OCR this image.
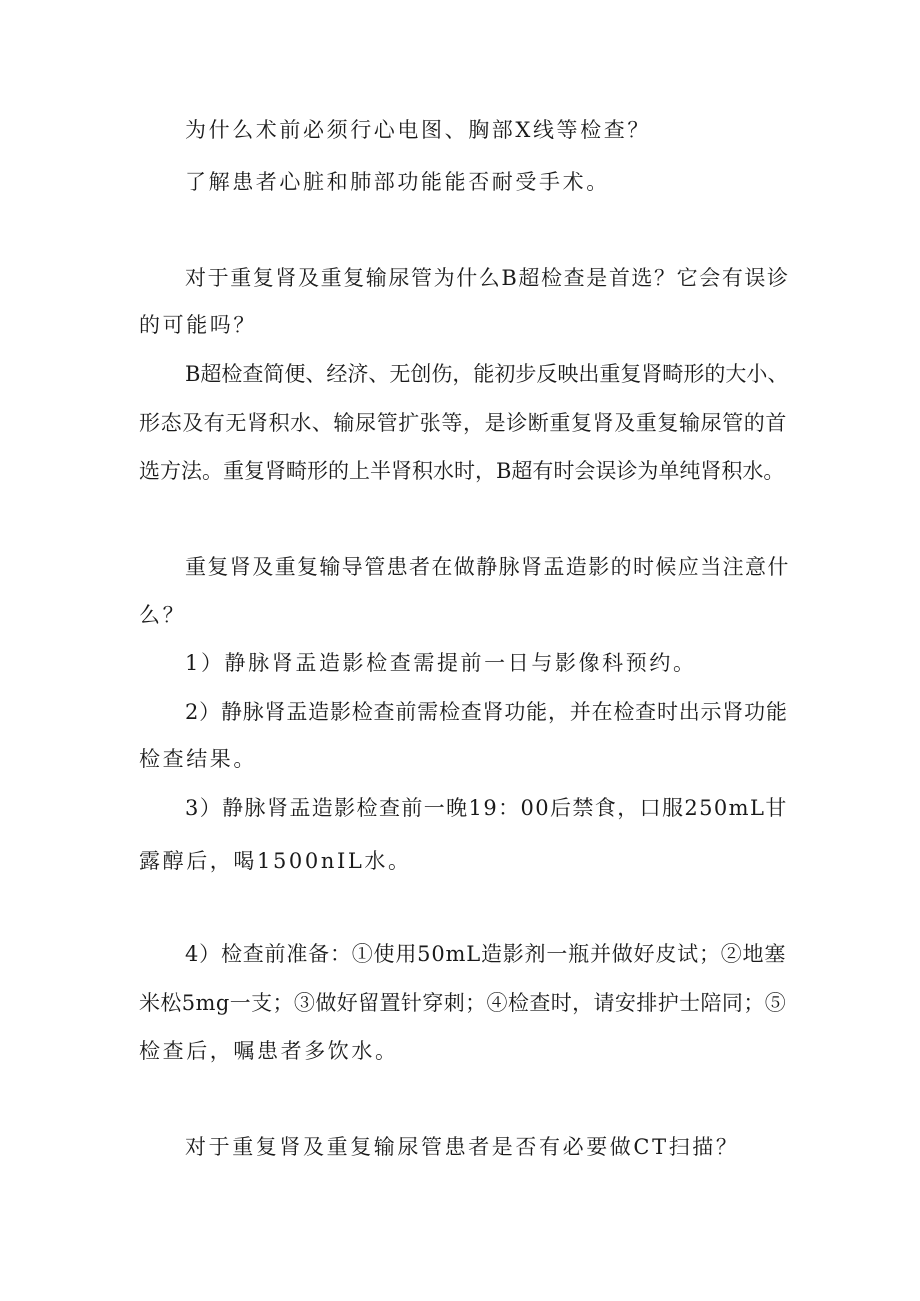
为什么术前必须行心电图、胸部X线等检查？

了解患者心脏和肺部功能能否耐受手术。

对于重复肾及重复输尿管为什么B超检查是首选？它会有误诊

的可能吗？

B超检查简便、经济、无创伤，能初步反映出重复肾畸形的大小、

形态及有无肾积水、输尿管扩张等，是诊断重复肾及重复输尿管的首

选方法。重复肾畸形的上半肾积水时，B超有时会误诊为单纯肾积水。

重复肾及重复输导管患者在做静脉肾盂造影的时候应当注意什

么？

1）静脉肾盂造影检查需提前一日与影像科预约。

2）静脉肾盂造影检查前需检查肾功能，并在检查时出示肾功能

检查结果。

3）静脉肾盂造影检查前一晚19：00后禁食，口服250mL甘

露醇后，喝1500nIL水。

4）检查前准备：①使用50mL造影剂一瓶并做好皮试；②地塞

米松5mg一支；③做好留置针穿刺；④检查时，请安排护士陪同；⑤

检查后，嘱患者多饮水。

对于重复肾及重复输尿管患者是否有必要做CT扫描？
